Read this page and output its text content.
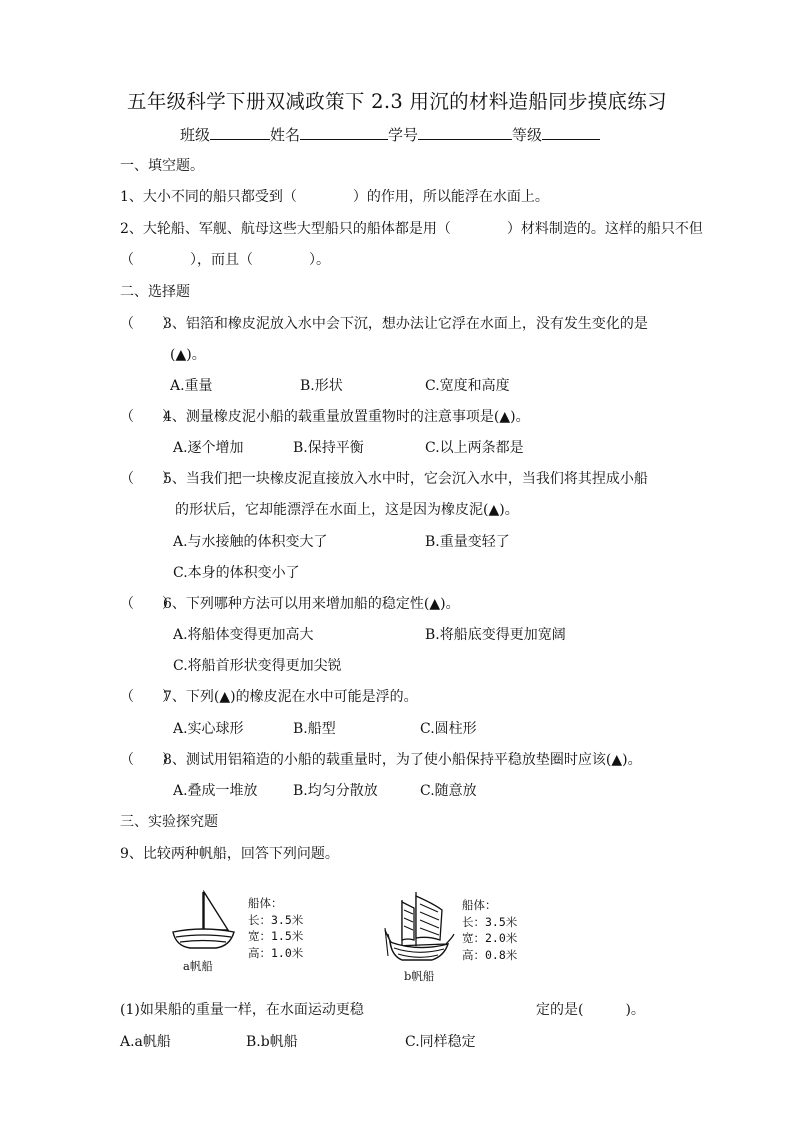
五年级科学下册双减政策下 2.3 用沉的材料造船同步摸底练习
班级	姓名	学号	等级
一、填空题。
1、大小不同的船只都受到（　　　　）的作用，所以能浮在水面上。
2、大轮船、军舰、航母这些大型船只的船体都是用（　　　　）材料制造的。这样的船只不但
（　　　　），而且（　　　　）。
二、选择题
（　　）
3、铝箔和橡皮泥放入水中会下沉，想办法让它浮在水面上，没有发生变化的是
(▲)。
A.重量	B.形状	C.宽度和高度
（　　）
4、测量橡皮泥小船的载重量放置重物时的注意事项是(▲)。
A.逐个增加	B.保持平衡	C.以上两条都是
（　　）
5、当我们把一块橡皮泥直接放入水中时，它会沉入水中，当我们将其捏成小船
的形状后，它却能漂浮在水面上，这是因为橡皮泥(▲)。
A.与水接触的体积变大了	B.重量变轻了
C.本身的体积变小了
（　　）
6、下列哪种方法可以用来增加船的稳定性(▲)。
A.将船体变得更加高大	B.将船底变得更加宽阔
C.将船首形状变得更加尖锐
（　　）
7、下列(▲)的橡皮泥在水中可能是浮的。
A.实心球形	B.船型	C.圆柱形
（　　）
8、测试用铝箱造的小船的载重量时，为了使小船保持平稳放垫圈时应该(▲)。
A.叠成一堆放	B.均匀分散放	C.随意放
三、实验探究题
9、比较两种帆船，回答下列问题。
a帆船
船体：
长：3.5米
宽：1.5米
高：1.0米
b帆船
船体：
长：3.5米
宽：2.0米
高：0.8米
(1)如果船的重量一样，在水面运动更稳	定的是(　　　)。
A.a帆船	B.b帆船	C.同样稳定
